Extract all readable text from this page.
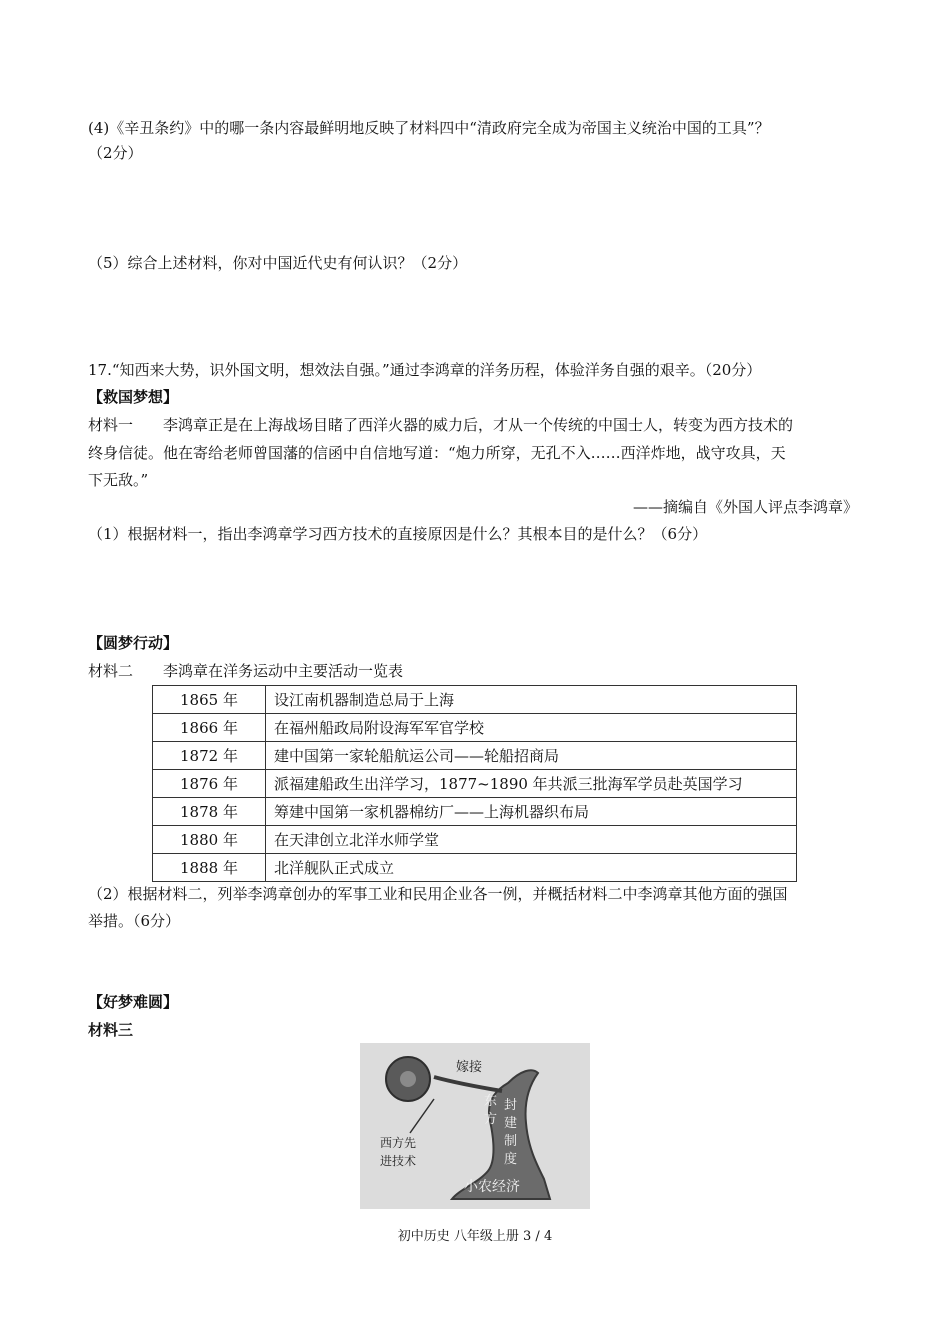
(4)《辛丑条约》中的哪一条内容最鲜明地反映了材料四中“清政府完全成为帝国主义统治中国的工具”？
（2分）
（5）综合上述材料，你对中国近代史有何认识？（2分）
17.“知西来大势，识外国文明，想效法自强。”通过李鸿章的洋务历程，体验洋务自强的艰辛。（20分）
【救国梦想】
材料一　　李鸿章正是在上海战场目睹了西洋火器的威力后，才从一个传统的中国士人，转变为西方技术的
终身信徒。他在寄给老师曾国藩的信函中自信地写道：“炮力所穿，无孔不入……西洋炸地，战守攻具，天
下无敌。”
——摘编自《外国人评点李鸿章》
（1）根据材料一，指出李鸿章学习西方技术的直接原因是什么？其根本目的是什么？（6分）
【圆梦行动】
材料二　　李鸿章在洋务运动中主要活动一览表
1865 年	设江南机器制造总局于上海
1866 年	在福州船政局附设海军军官学校
1872 年	建中国第一家轮船航运公司——轮船招商局
1876 年	派福建船政生出洋学习，1877~1890 年共派三批海军学员赴英国学习
1878 年	筹建中国第一家机器棉纺厂——上海机器织布局
1880 年	在天津创立北洋水师学堂
1888 年	北洋舰队正式成立
（2）根据材料二，列举李鸿章创办的军事工业和民用企业各一例，并概括材料二中李鸿章其他方面的强国
举措。（6分）
【好梦难圆】
材料三
嫁接
西方先
进技术
东
方
封
建
制
度
小农经济
初中历史 八年级上册 3 / 4
